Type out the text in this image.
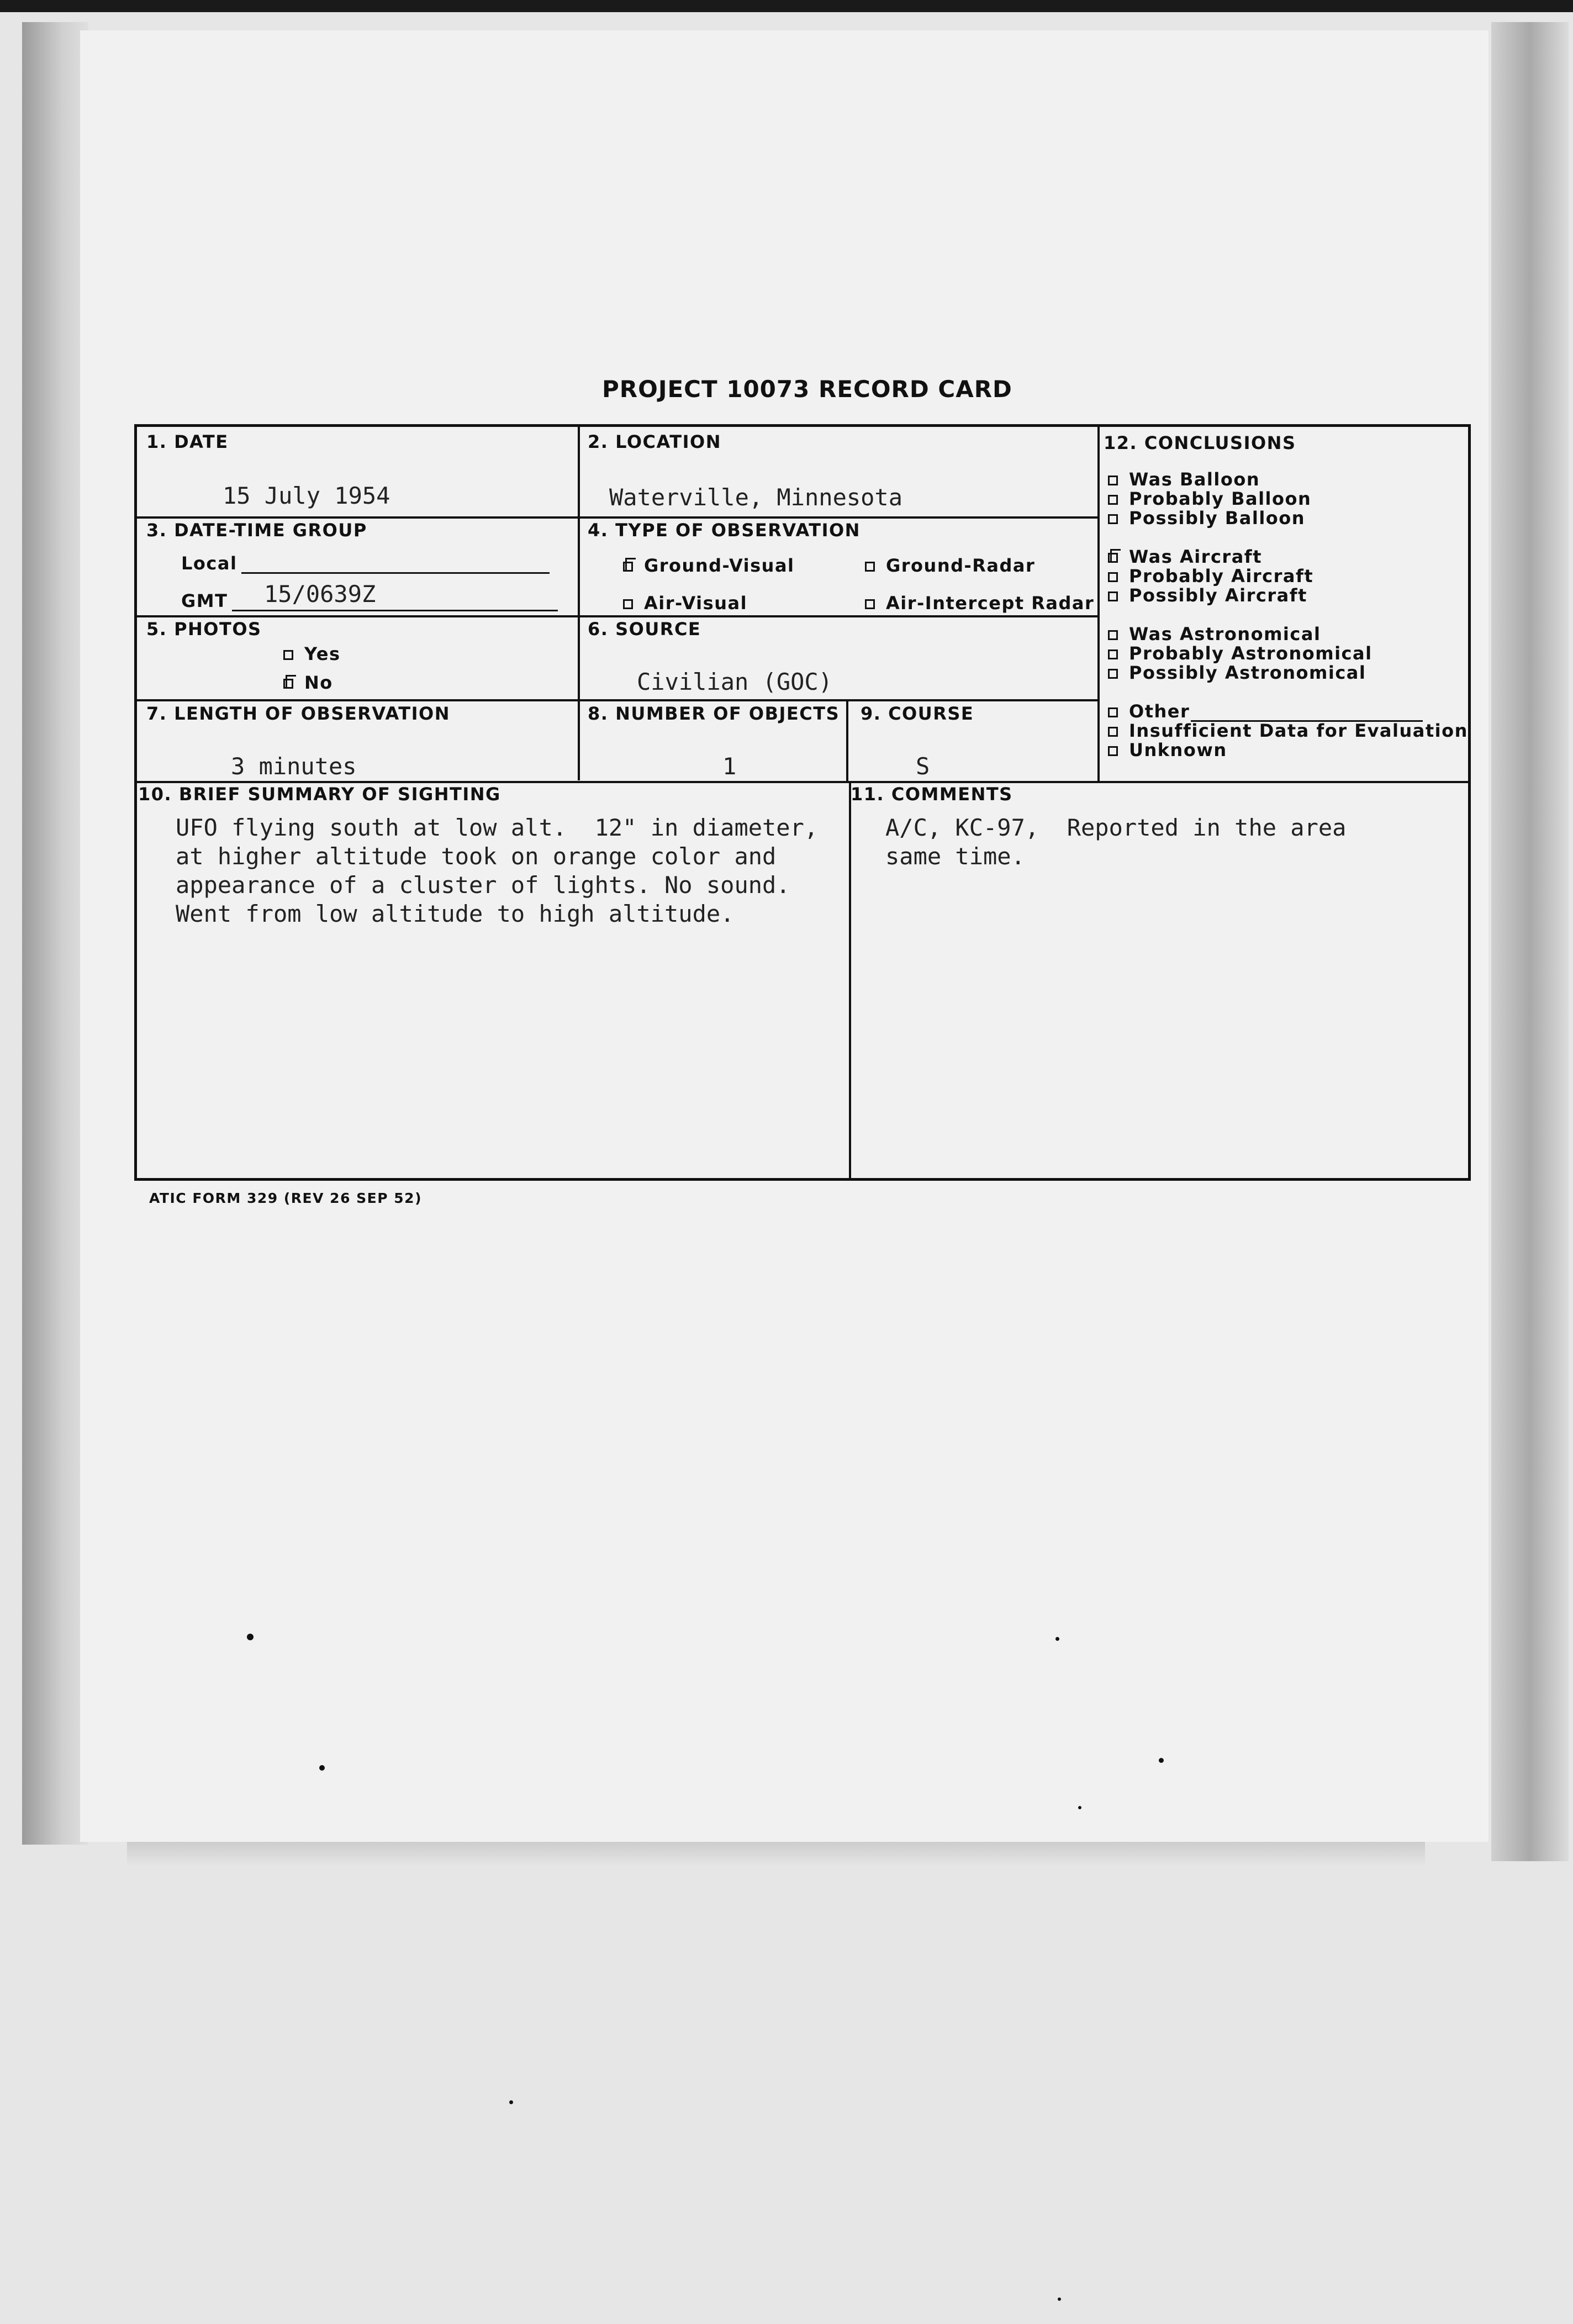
PROJECT 10073 RECORD CARD
1. DATE
15 July 1954
2. LOCATION
Waterville, Minnesota
3. DATE-TIME GROUP
Local
GMT	15/0639Z
4. TYPE OF OBSERVATION
Ground-Visual	Ground-Radar
Air-Visual	Air-Intercept Radar
5. PHOTOS
Yes
No
6. SOURCE
Civilian (GOC)
7. LENGTH OF OBSERVATION
3 minutes
8. NUMBER OF OBJECTS
1
9. COURSE
S
12. CONCLUSIONS
Was Balloon
Probably Balloon
Possibly Balloon
Was Aircraft
Probably Aircraft
Possibly Aircraft
Was Astronomical
Probably Astronomical
Possibly Astronomical
Other
Insufficient Data for Evaluation
Unknown
10. BRIEF SUMMARY OF SIGHTING
UFO flying south at low alt.  12" in diameter,
at higher altitude took on orange color and
appearance of a cluster of lights. No sound.
Went from low altitude to high altitude.
11. COMMENTS
A/C, KC-97,  Reported in the area
same time.
ATIC FORM 329 (REV 26 SEP 52)
